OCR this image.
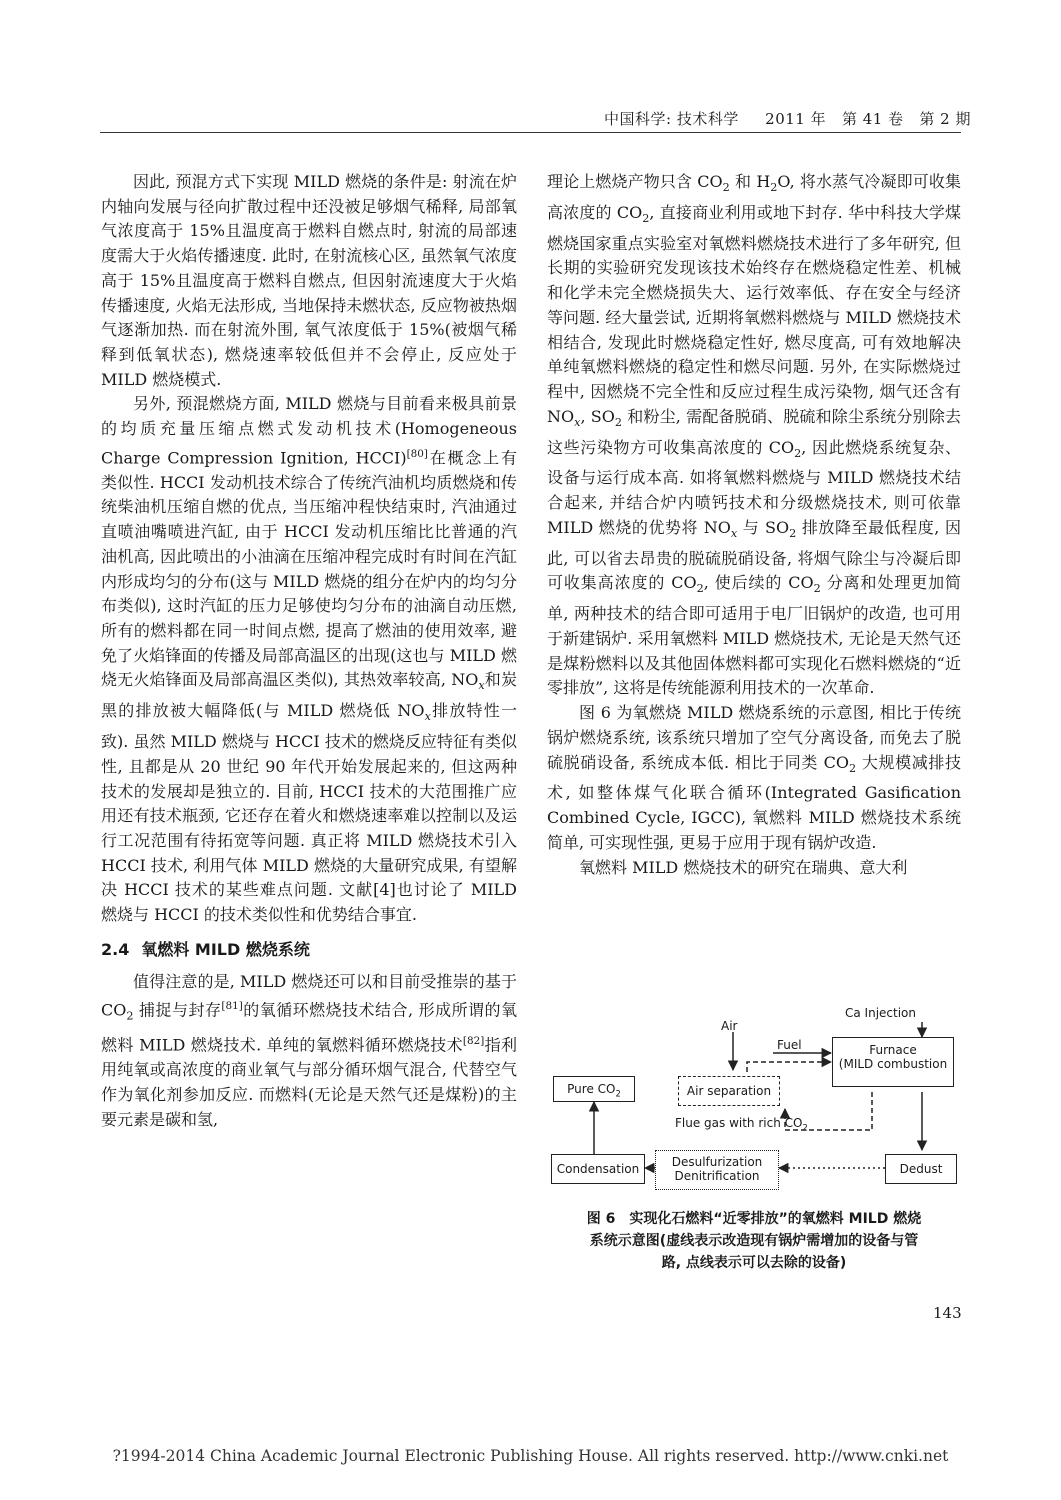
中国科学: 技术科学 2011 年 第 41 卷 第 2 期

因此, 预混方式下实现 MILD 燃烧的条件是: 射流在炉内轴向发展与径向扩散过程中还没被足够烟气稀释, 局部氧气浓度高于 15%且温度高于燃料自燃点时, 射流的局部速度需大于火焰传播速度. 此时, 在射流核心区, 虽然氧气浓度高于 15%且温度高于燃料自燃点, 但因射流速度大于火焰传播速度, 火焰无法形成, 当地保持未燃状态, 反应物被热烟气逐渐加热. 而在射流外围, 氧气浓度低于 15%(被烟气稀释到低氧状态), 燃烧速率较低但并不会停止, 反应处于 MILD 燃烧模式.

另外, 预混燃烧方面, MILD 燃烧与目前看来极具前景的均质充量压缩点燃式发动机技术(Homogeneous Charge Compression Ignition, HCCI)[80]在概念上有类似性. HCCI 发动机技术综合了传统汽油机均质燃烧和传统柴油机压缩自燃的优点, 当压缩冲程快结束时, 汽油通过直喷油嘴喷进汽缸, 由于 HCCI 发动机压缩比比普通的汽油机高, 因此喷出的小油滴在压缩冲程完成时有时间在汽缸内形成均匀的分布(这与 MILD 燃烧的组分在炉内的均匀分布类似), 这时汽缸的压力足够使均匀分布的油滴自动压燃, 所有的燃料都在同一时间点燃, 提高了燃油的使用效率, 避免了火焰锋面的传播及局部高温区的出现(这也与 MILD 燃烧无火焰锋面及局部高温区类似), 其热效率较高, $NO_x$和炭黑的排放被大幅降低(与 MILD 燃烧低 $NO_x$排放特性一致). 虽然 MILD 燃烧与 HCCI 技术的燃烧反应特征有类似性, 且都是从 20 世纪 90 年代开始发展起来的, 但这两种技术的发展却是独立的. 目前, HCCI 技术的大范围推广应用还有技术瓶颈, 它还存在着火和燃烧速率难以控制以及运行工况范围有待拓宽等问题. 真正将 MILD 燃烧技术引入 HCCI 技术, 利用气体 MILD 燃烧的大量研究成果, 有望解决 HCCI 技术的某些难点问题. 文献[4]也讨论了 MILD 燃烧与 HCCI 的技术类似性和优势结合事宜.

2.4 氧燃料 MILD 燃烧系统

值得注意的是, MILD 燃烧还可以和目前受推崇的基于 $CO_2$ 捕捉与封存[81]的氧循环燃烧技术结合, 形成所谓的氧燃料 MILD 燃烧技术. 单纯的氧燃料循环燃烧技术[82]指利用纯氧或高浓度的商业氧气与部分循环烟气混合, 代替空气作为氧化剂参加反应. 而燃料(无论是天然气还是煤粉)的主要元素是碳和氢,

理论上燃烧产物只含 $CO_2$ 和 $H_2O$, 将水蒸气冷凝即可收集高浓度的 $CO_2$, 直接商业利用或地下封存. 华中科技大学煤燃烧国家重点实验室对氧燃料燃烧技术进行了多年研究, 但长期的实验研究发现该技术始终存在燃烧稳定性差、机械和化学未完全燃烧损失大、运行效率低、存在安全与经济等问题. 经大量尝试, 近期将氧燃料燃烧与 MILD 燃烧技术相结合, 发现此时燃烧稳定性好, 燃尽度高, 可有效地解决单纯氧燃料燃烧的稳定性和燃尽问题. 另外, 在实际燃烧过程中, 因燃烧不完全性和反应过程生成污染物, 烟气还含有 $NO_x$, $SO_2$ 和粉尘, 需配备脱硝、脱硫和除尘系统分别除去这些污染物方可收集高浓度的 $CO_2$, 因此燃烧系统复杂、设备与运行成本高. 如将氧燃料燃烧与 MILD 燃烧技术结合起来, 并结合炉内喷钙技术和分级燃烧技术, 则可依靠 MILD 燃烧的优势将 $NO_x$ 与 $SO_2$ 排放降至最低程度, 因此, 可以省去昂贵的脱硫脱硝设备, 将烟气除尘与冷凝后即可收集高浓度的 $CO_2$, 使后续的 $CO_2$ 分离和处理更加简单, 两种技术的结合即可适用于电厂旧锅炉的改造, 也可用于新建锅炉. 采用氧燃料 MILD 燃烧技术, 无论是天然气还是煤粉燃料以及其他固体燃料都可实现化石燃料燃烧的“近零排放”, 这将是传统能源利用技术的一次革命.

图 6 为氧燃烧 MILD 燃烧系统的示意图, 相比于传统锅炉燃烧系统, 该系统只增加了空气分离设备, 而免去了脱硫脱硝设备, 系统成本低. 相比于同类 $CO_2$ 大规模减排技术, 如整体煤气化联合循环(Integrated Gasification Combined Cycle, IGCC), 氧燃料 MILD 燃烧技术系统简单, 可实现性强, 更易于应用于现有锅炉改造.

氧燃料 MILD 燃烧技术的研究在瑞典、意大利

Ca Injection
Air
Fuel	Furnace
(MILD combustion
Pure $CO_2$	Air separation
Flue gas with rich $CO_2$
Condensation	Desulfurization
Denitrification	Dedust
图 6　实现化石燃料“近零排放”的氧燃料 MILD 燃烧
系统示意图(虚线表示改造现有锅炉需增加的设备与管
路, 点线表示可以去除的设备)
143
?1994-2014 China Academic Journal Electronic Publishing House. All rights reserved. http://www.cnki.net
